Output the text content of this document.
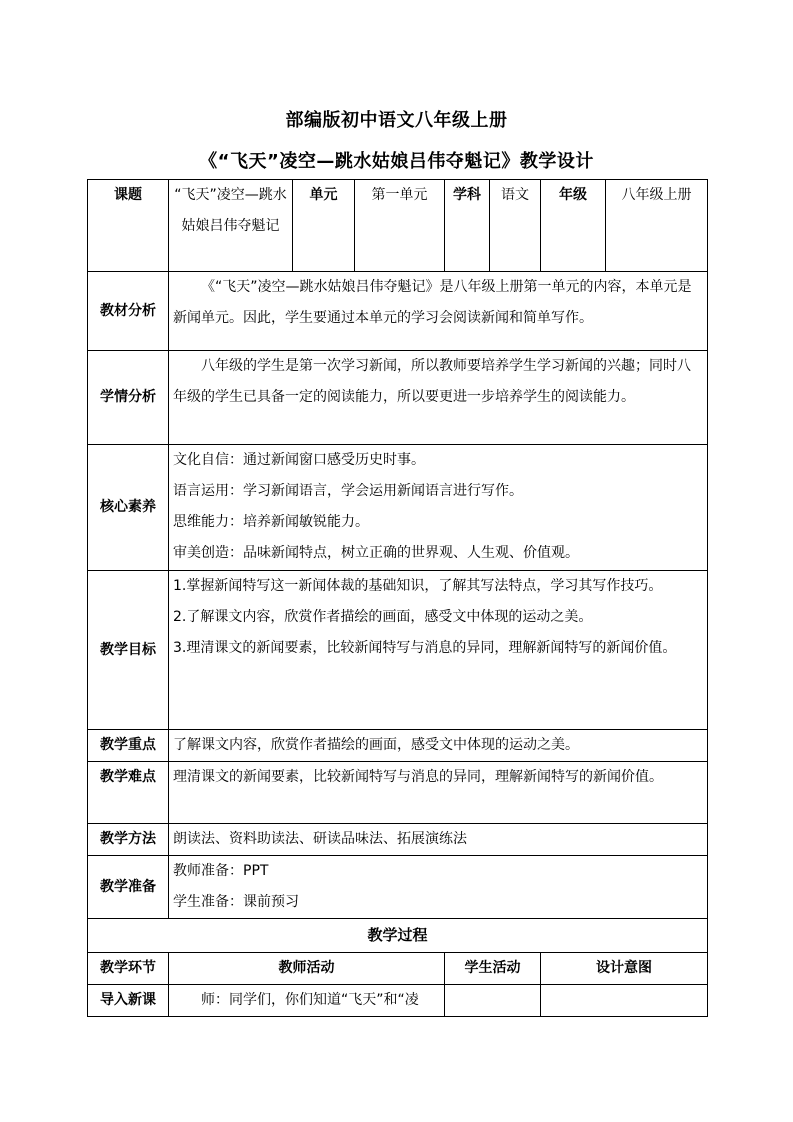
部编版初中语文八年级上册
《“飞天”凌空—跳水姑娘吕伟夺魁记》教学设计
课题	“飞天”凌空—跳水姑娘吕伟夺魁记	单元	第一单元	学科	语文	年级	八年级上册
教材分析	《“飞天”凌空—跳水姑娘吕伟夺魁记》是八年级上册第一单元的内容，本单元是新闻单元。因此，学生要通过本单元的学习会阅读新闻和简单写作。						
学情分析	八年级的学生是第一次学习新闻，所以教师要培养学生学习新闻的兴趣；同时八年级的学生已具备一定的阅读能力，所以要更进一步培养学生的阅读能力。						
核心素养	文化自信：通过新闻窗口感受历史时事。
语言运用：学习新闻语言，学会运用新闻语言进行写作。
思维能力：培养新闻敏锐能力。
审美创造：品味新闻特点，树立正确的世界观、人生观、价值观。						

教学目标	1.掌握新闻特写这一新闻体裁的基础知识，了解其写法特点，学习其写作技巧。
2.了解课文内容，欣赏作者描绘的画面，感受文中体现的运动之美。
3.理清课文的新闻要素，比较新闻特写与消息的异同，理解新闻特写的新闻价值。						

教学重点	了解课文内容，欣赏作者描绘的画面，感受文中体现的运动之美。						
教学难点	理清课文的新闻要素，比较新闻特写与消息的异同，理解新闻特写的新闻价值。						
教学方法	朗读法、资料助读法、研读品味法、拓展演练法						
教学准备	教师准备：PPT
学生准备：课前预习						

教学过程							
教学环节	教师活动			学生活动		设计意图	
导入新课	师：同学们，你们知道“飞天”和“凌						
